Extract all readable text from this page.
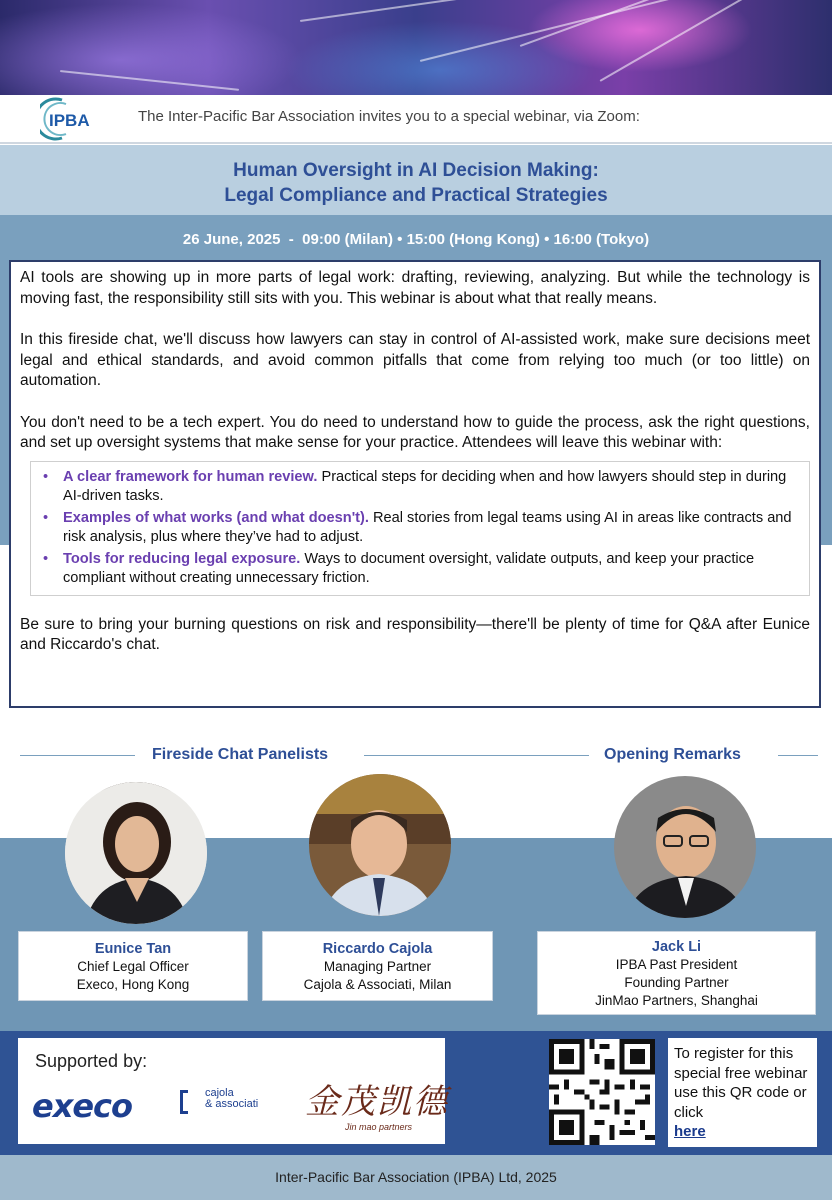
IPBA	The Inter-Pacific Bar Association invites you to a special webinar, via Zoom:
Human Oversight in AI Decision Making:
Legal Compliance and Practical Strategies
26 June, 2025  -  09:00 (Milan) • 15:00 (Hong Kong) • 16:00 (Tokyo)

AI tools are showing up in more parts of legal work: drafting, reviewing, analyzing. But while the technology is moving fast, the responsibility still sits with you. This webinar is about what that really means.

In this fireside chat, we'll discuss how lawyers can stay in control of AI-assisted work, make sure decisions meet legal and ethical standards, and avoid common pitfalls that come from relying too much (or too little) on automation.

You don't need to be a tech expert. You do need to understand how to guide the process, ask the right questions, and set up oversight systems that make sense for your practice. Attendees will leave this webinar with:

• A clear framework for human review. Practical steps for deciding when and how lawyers should step in during AI-driven tasks.
• Examples of what works (and what doesn't). Real stories from legal teams using AI in areas like contracts and risk analysis, plus where they’ve had to adjust.
• Tools for reducing legal exposure. Ways to document oversight, validate outputs, and keep your practice compliant without creating unnecessary friction.

Be sure to bring your burning questions on risk and responsibility—there'll be plenty of time for Q&A after Eunice and Riccardo's chat.

Fireside Chat Panelists	Opening Remarks
Eunice Tan
Chief Legal Officer
Execo, Hong Kong
Riccardo Cajola
Managing Partner
Cajola & Associati, Milan
Jack Li
IPBA Past President
Founding Partner
JinMao Partners, Shanghai
Supported by:
execo	cajola
& associati 金茂凯德
Jin mao partners
To register for this special free webinar use this QR code or click
here
Inter-Pacific Bar Association (IPBA) Ltd, 2025
